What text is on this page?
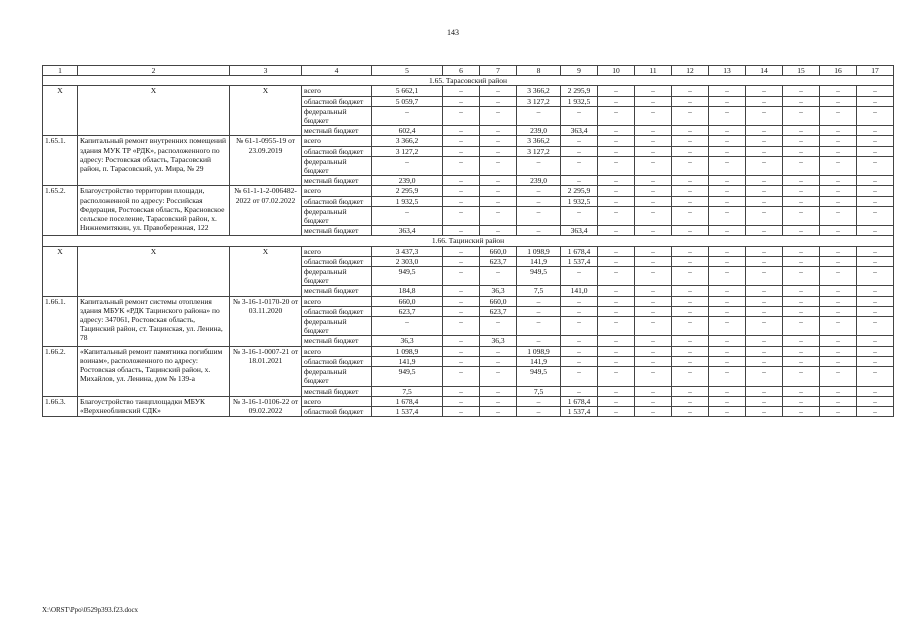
143
1	2	3	4	5	6	7	8	9	10	11	12	13	14	15	16	17
1.65. Тарасовский район																
X	X	X	всего	5 662,1	–	–	3 366,2	2 295,9	–	–	–	–	–	–	–	–
			областной бюджет	5 059,7	–	–	3 127,2	1 932,5	–	–	–	–	–	–	–	–
			федеральный бюджет	–	–	–	–	–	–	–	–	–	–	–	–	–
			местный бюджет	602,4	–	–	239,0	363,4	–	–	–	–	–	–	–	–
1.65.1.	Капитальный ремонт внутренних помещений здания МУК ТР «РДК», расположенного по адресу: Ростовская область, Тарасовский район, п. Тарасовский, ул. Мира, № 29	№ 61-1-0955-19 от 23.09.2019	всего	3 366,2	–	–	3 366,2	–	–	–	–	–	–	–	–	–
			областной бюджет	3 127,2	–	–	3 127,2	–	–	–	–	–	–	–	–	–
			федеральный бюджет	–	–	–	–	–	–	–	–	–	–	–	–	–
			местный бюджет	239,0	–	–	239,0	–	–	–	–	–	–	–	–	–
1.65.2.	Благоустройство территории площади, расположенной по адресу: Российская Федерация, Ростовская область, Красновское сельское поселение, Тарасовский район, х. Нижнемитякин, ул. Правобережная, 122	№ 61-1-1-2-006482-2022 от 07.02.2022	всего	2 295,9	–	–	–	2 295,9	–	–	–	–	–	–	–	–
			областной бюджет	1 932,5	–	–	–	1 932,5	–	–	–	–	–	–	–	–
			федеральный бюджет	–	–	–	–	–	–	–	–	–	–	–	–	–
			местный бюджет	363,4	–	–	–	363,4	–	–	–	–	–	–	–	–
1.66. Тацинский район																
X	X	X	всего	3 437,3	–	660,0	1 098,9	1 678,4	–	–	–	–	–	–	–	–
			областной бюджет	2 303,0	–	623,7	141,9	1 537,4	–	–	–	–	–	–	–	–
			федеральный бюджет	949,5	–	–	949,5	–	–	–	–	–	–	–	–	–
			местный бюджет	184,8	–	36,3	7,5	141,0	–	–	–	–	–	–	–	–
1.66.1.	Капитальный ремонт системы отопления здания МБУК «РДК Тацинского района» по адресу: 347061, Ростовская область, Тацинский район, ст. Тацинская, ул. Ленина, 78	№ 3-16-1-0170-20 от 03.11.2020	всего	660,0	–	660,0	–	–	–	–	–	–	–	–	–	–
			областной бюджет	623,7	–	623,7	–	–	–	–	–	–	–	–	–	–
			федеральный бюджет	–	–	–	–	–	–	–	–	–	–	–	–	–
			местный бюджет	36,3	–	36,3	–	–	–	–	–	–	–	–	–	–
1.66.2.	«Капитальный ремонт памятника погибшим воинам», расположенного по адресу: Ростовская область, Тацинский район, х. Михайлов, ул. Ленина, дом № 139-а	№ 3-16-1-0007-21 от 18.01.2021	всего	1 098,9	–	–	1 098,9	–	–	–	–	–	–	–	–	–
			областной бюджет	141,9	–	–	141,9	–	–	–	–	–	–	–	–	–
			федеральный бюджет	949,5	–	–	949,5	–	–	–	–	–	–	–	–	–
			местный бюджет	7,5	–	–	7,5	–	–	–	–	–	–	–	–	–
1.66.3.	Благоустройство танцплощадки МБУК «Верхнеобливский СДК»	№ 3-16-1-0106-22 от 09.02.2022	всего	1 678,4	–	–	–	1 678,4	–	–	–	–	–	–	–	–
			областной бюджет	1 537,4	–	–	–	1 537,4	–	–	–	–	–	–	–	–
X:\ORST\Ppo\0529p393.f23.docx
